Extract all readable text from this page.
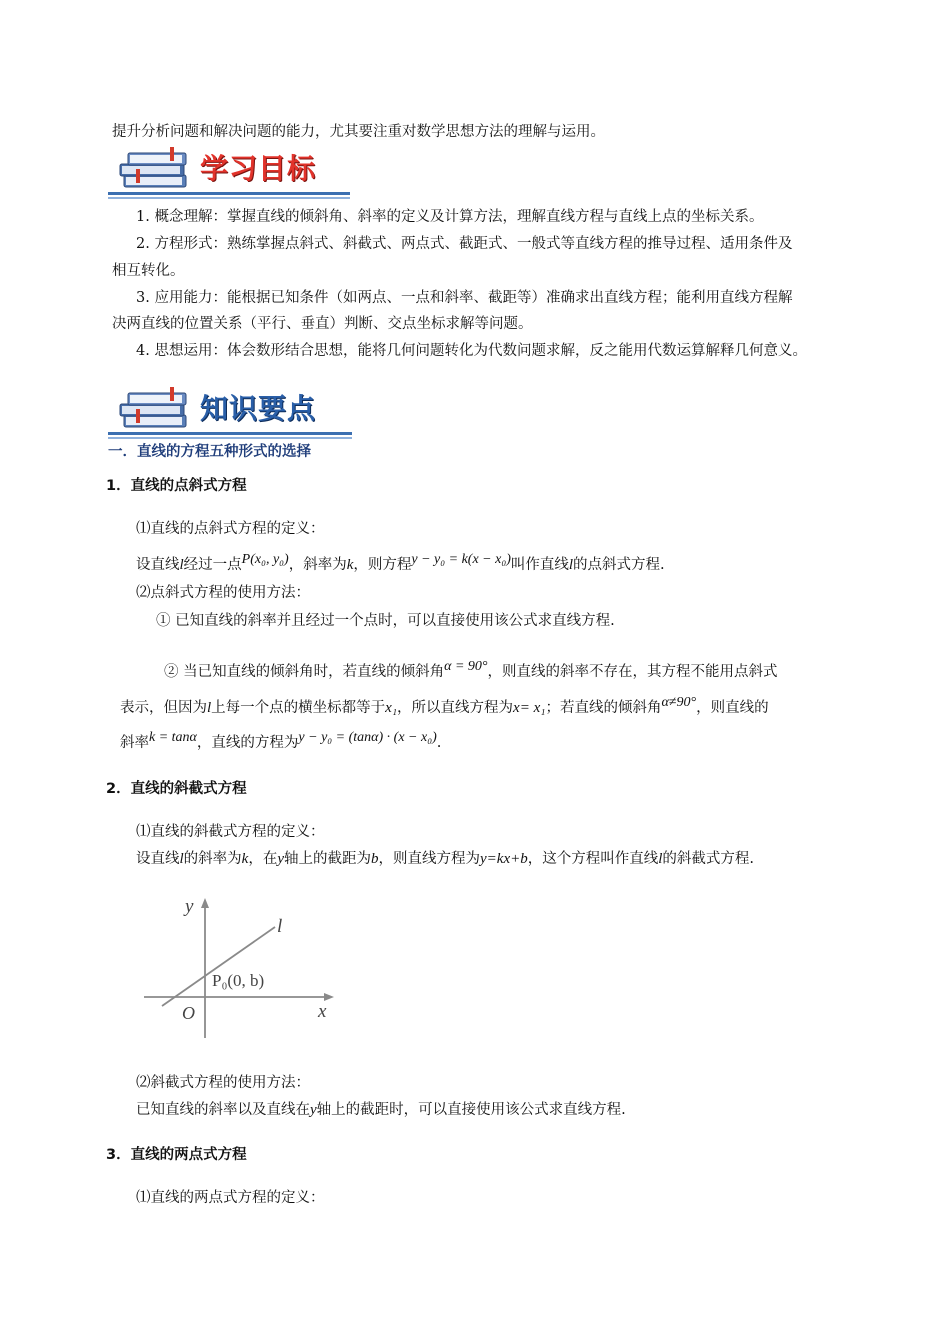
提升分析问题和解决问题的能力，尤其要注重对数学思想方法的理解与运用。
学习目标
1. 概念理解：掌握直线的倾斜角、斜率的定义及计算方法，理解直线方程与直线上点的坐标关系。
2. 方程形式：熟练掌握点斜式、斜截式、两点式、截距式、一般式等直线方程的推导过程、适用条件及
相互转化。
3. 应用能力：能根据已知条件（如两点、一点和斜率、截距等）准确求出直线方程；能利用直线方程解
决两直线的位置关系（平行、垂直）判断、交点坐标求解等问题。
4. 思想运用：体会数形结合思想，能将几何问题转化为代数问题求解，反之能用代数运算解释几何意义。
知识要点
一．直线的方程五种形式的选择
1．直线的点斜式方程
⑴直线的点斜式方程的定义：
设直线l经过一点P(x₀, y₀)，斜率为k，则方程y − y₀ = k(x − x₀)叫作直线l的点斜式方程.
⑵点斜式方程的使用方法：
① 已知直线的斜率并且经过一个点时，可以直接使用该公式求直线方程.
② 当已知直线的倾斜角时，若直线的倾斜角α = 90°，则直线的斜率不存在，其方程不能用点斜式
表示，但因为l上每一个点的横坐标都等于x₁，所以直线方程为x= x₁；若直线的倾斜角α≠90°，则直线的
斜率k = tanα，直线的方程为y − y₀ = (tanα) · (x − x₀).
2．直线的斜截式方程
⑴直线的斜截式方程的定义：
设直线l的斜率为k，在y轴上的截距为b，则直线方程为y=kx+b，这个方程叫作直线l的斜截式方程.
y
x
O
l
P₀(0, b)
⑵斜截式方程的使用方法：
已知直线的斜率以及直线在y轴上的截距时，可以直接使用该公式求直线方程.
3．直线的两点式方程
⑴直线的两点式方程的定义：
